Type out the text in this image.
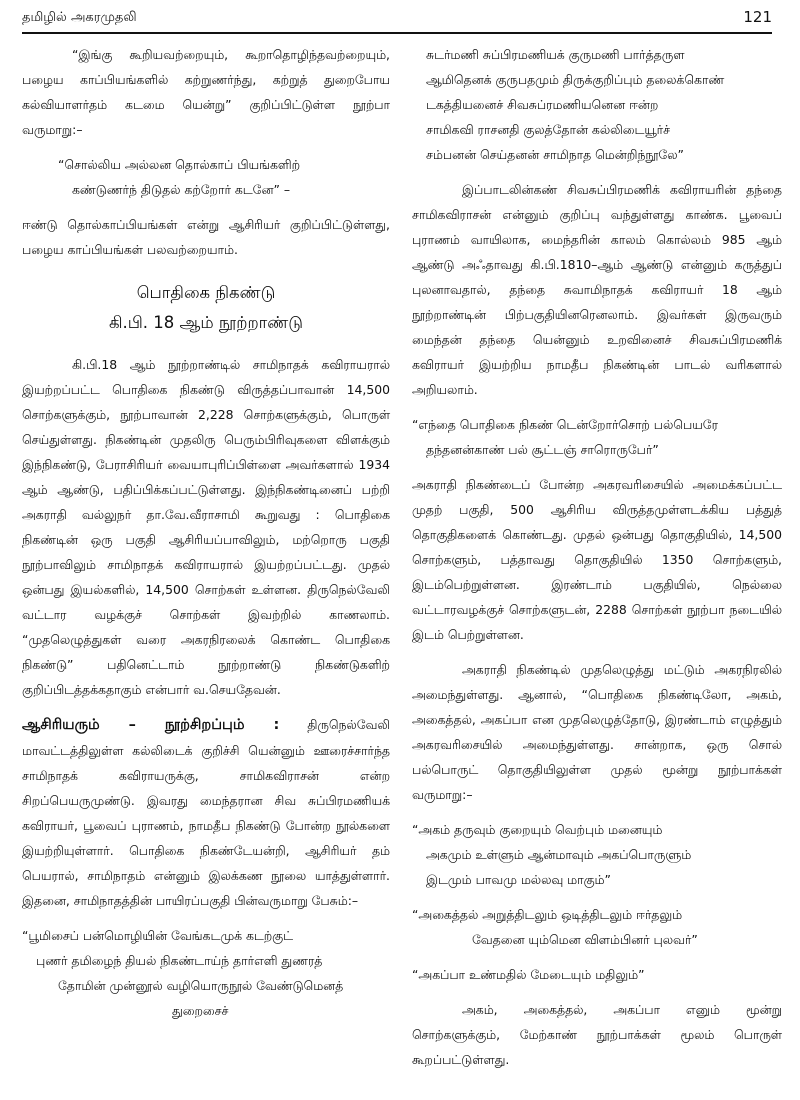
தமிழில் அகரமுதலி	121

“இங்கு கூறியவற்றையும், கூறாதொழிந்தவற்றையும், பழைய காப்பியங்களில் கற்றுணர்ந்து, கற்றுத் துறைபோய கல்வியாளர்தம் கடமை யென்று” குறிப்பிட்டுள்ள நூற்பா வருமாறு:–

“சொல்லிய அல்லன தொல்காப் பியங்களிற்
கண்டுணர்ந் திடுதல் கற்றோர் கடனே” –

ஈண்டு தொல்காப்பியங்கள் என்று ஆசிரியர் குறிப்பிட்டுள்ளது, பழைய காப்பியங்கள் பலவற்றையாம்.

பொதிகை நிகண்டு
கி.பி. 18 ஆம் நூற்றாண்டு

கி.பி.18 ஆம் நூற்றாண்டில் சாமிநாதக் கவிராயரால் இயற்றப்பட்ட பொதிகை நிகண்டு விருத்தப்பாவான் 14,500 சொற்களுக்கும், நூற்பாவான் 2,228 சொற்களுக்கும், பொருள் செய்துள்ளது. நிகண்டின் முதலிரு பெரும்பிரிவுகளை விளக்கும் இந்நிகண்டு, பேராசிரியர் வையாபுரிப்பிள்ளை அவர்களால் 1934 ஆம் ஆண்டு, பதிப்பிக்கப்பட்டுள்ளது. இந்நிகண்டினைப் பற்றி அகராதி வல்லுநர் தா.வே.வீராசாமி கூறுவது : பொதிகை நிகண்டின் ஒரு பகுதி ஆசிரியப்பாவிலும், மற்றொரு பகுதி நூற்பாவிலும் சாமிநாதக் கவிராயரால் இயற்றப்பட்டது. முதல் ஒன்பது இயல்களில், 14,500 சொற்கள் உள்ளன. திருநெல்வேலி வட்டார வழக்குச் சொற்கள் இவற்றில் காணலாம். “முதலெழுத்துகள் வரை அகரநிரலைக் கொண்ட பொதிகை நிகண்டு” பதினெட்டாம் நூற்றாண்டு நிகண்டுகளிற் குறிப்பிடத்தக்கதாகும் என்பார் வ.செயதேவன்.

ஆசிரியரும் – நூற்சிறப்பும் : திருநெல்வேலி மாவட்டத்திலுள்ள கல்லிடைக் குறிச்சி யென்னும் ஊரைச்சார்ந்த சாமிநாதக் கவிராயருக்கு, சாமிகவிராசன் என்ற சிறப்பெயருமுண்டு. இவரது மைந்தரான சிவ சுப்பிரமணியக் கவிராயர், பூவைப் புராணம், நாமதீப நிகண்டு போன்ற நூல்களை இயற்றியுள்ளார். பொதிகை நிகண்டேயன்றி, ஆசிரியர் தம் பெயரால், சாமிநாதம் என்னும் இலக்கண நூலை யாத்துள்ளார். இதனை, சாமிநாதத்தின் பாயிரப்பகுதி பின்வருமாறு பேசும்:–

“பூமிசைப் பன்மொழியின் வேங்கடமுக் கடற்குட்
புணர் தமிழைந் தியல் நிகண்டாய்ந் தார்எளி துணரத்
தோமின் முன்னூல் வழியொருநூல் வேண்டுமெனத்
துறைசைச்
சுடர்மணி சுப்பிரமணியக் குருமணி பார்த்தருள
ஆமிதெனக் குருபதமும் திருக்குறிப்பும் தலைக்கொண்
டகத்தியனைச் சிவசுப்ரமணியனென ஈன்ற
சாமிகவி ராசனதி குலத்தோன் கல்லிடையூர்ச்
சம்பனன் செய்தனன் சாமிநாத மென்றிந்நூலே”

இப்பாடலின்கண் சிவசுப்பிரமணிக் கவிராயரின் தந்தை சாமிகவிராசன் என்னும் குறிப்பு வந்துள்ளது காண்க. பூவைப் புராணம் வாயிலாக, மைந்தரின் காலம் கொல்லம் 985 ஆம் ஆண்டு அஃதாவது கி.பி.1810–ஆம் ஆண்டு என்னும் கருத்துப் புலனாவதால், தந்தை சுவாமிநாதக் கவிராயர் 18 ஆம் நூற்றாண்டின் பிற்பகுதியினரெனலாம். இவர்கள் இருவரும் மைந்தன் தந்தை யென்னும் உறவினைச் சிவசுப்பிரமணிக் கவிராயர் இயற்றிய நாமதீப நிகண்டின் பாடல் வரிகளால் அறியலாம்.

“எந்தை பொதிகை நிகண் டென்றோர்சொற் பல்பெயரே
தந்தனன்காண் பல் சூட்டஞ் சாரொருபேர்”

அகராதி நிகண்டைப் போன்ற அகரவரிசையில் அமைக்கப்பட்ட முதற் பகுதி, 500 ஆசிரிய விருத்தமுள்ளடக்கிய பத்துத் தொகுதிகளைக் கொண்டது. முதல் ஒன்பது தொகுதியில், 14,500 சொற்களும், பத்தாவது தொகுதியில் 1350 சொற்களும், இடம்பெற்றுள்ளன. இரண்டாம் பகுதியில், நெல்லை வட்டாரவழக்குச் சொற்களுடன், 2288 சொற்கள் நூற்பா நடையில் இடம் பெற்றுள்ளன.

அகராதி நிகண்டில் முதலெழுத்து மட்டும் அகரநிரலில் அமைந்துள்ளது. ஆனால், “பொதிகை நிகண்டிலோ, அகம், அகைத்தல், அகப்பா என முதலெழுத்தோடு, இரண்டாம் எழுத்தும் அகரவரிசையில் அமைந்துள்ளது. சான்றாக, ஒரு சொல் பல்பொருட் தொகுதியிலுள்ள முதல் மூன்று நூற்பாக்கள் வருமாறு:–

“அகம் தருவும் குறையும் வெற்பும் மனையும்
அகமும் உள்ளும் ஆன்மாவும் அகப்பொருளும்
இடமும் பாவமு மல்லவு மாகும்”
“அகைத்தல் அறுத்திடலும் ஒடித்திடலும் ஈர்தலும்
வேதனை யும்மென விளம்பினர் புலவர்”
“அகப்பா உண்மதில் மேடையும் மதிலும்”

அகம், அகைத்தல், அகப்பா எனும் மூன்று சொற்களுக்கும், மேற்காண் நூற்பாக்கள் மூலம் பொருள் கூறப்பட்டுள்ளது.
